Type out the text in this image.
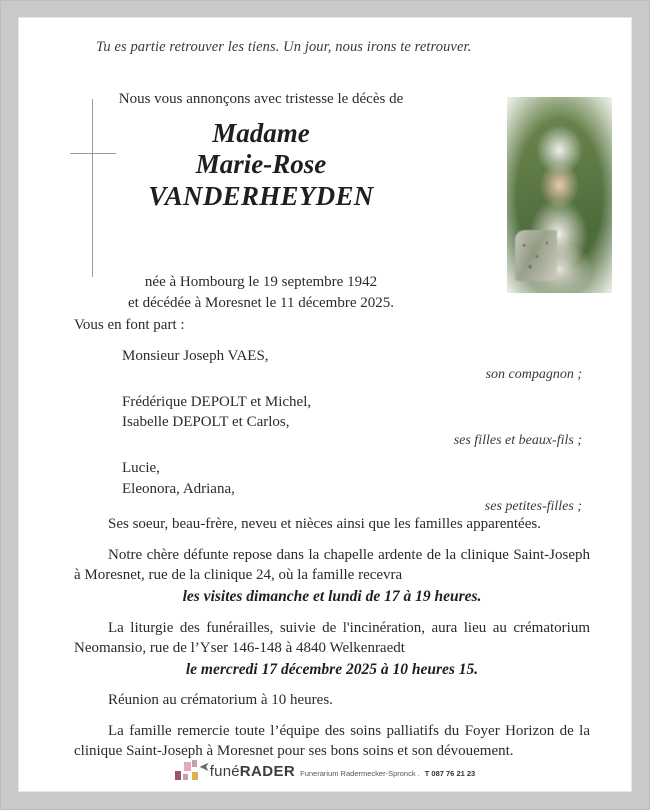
Tu es partie retrouver les tiens. Un jour, nous irons te retrouver.
Nous vous annonçons avec tristesse le décès de
Madame
Marie-Rose
VANDERHEYDEN
née à Hombourg le 19 septembre 1942
et décédée à Moresnet le 11 décembre 2025.

Vous en font part :

Monsieur Joseph VAES,

son compagnon ;

Frédérique DEPOLT et Michel,
Isabelle DEPOLT et Carlos,

ses filles et beaux-fils ;

Lucie,
Eleonora, Adriana,

ses petites-filles ;

Ses soeur, beau-frère, neveu et nièces ainsi que les familles apparentées.

Notre chère défunte repose dans la chapelle ardente de la clinique Saint-Joseph à Moresnet, rue de la clinique 24, où la famille recevra
les visites dimanche et lundi de 17 à 19 heures.

La liturgie des funérailles, suivie de l'incinération, aura lieu au crématorium Neomansio, rue de l’Yser 146-148 à 4840 Welkenraedt
le mercredi 17 décembre 2025 à 10 heures 15.

Réunion au crématorium à 10 heures.

La famille remercie toute l’équipe des soins palliatifs du Foyer Horizon de la clinique Saint-Joseph à Moresnet pour ses bons soins et son dévouement.

➤ funéRADER Funerarium Radermecker-Spronck . T 087 76 21 23
